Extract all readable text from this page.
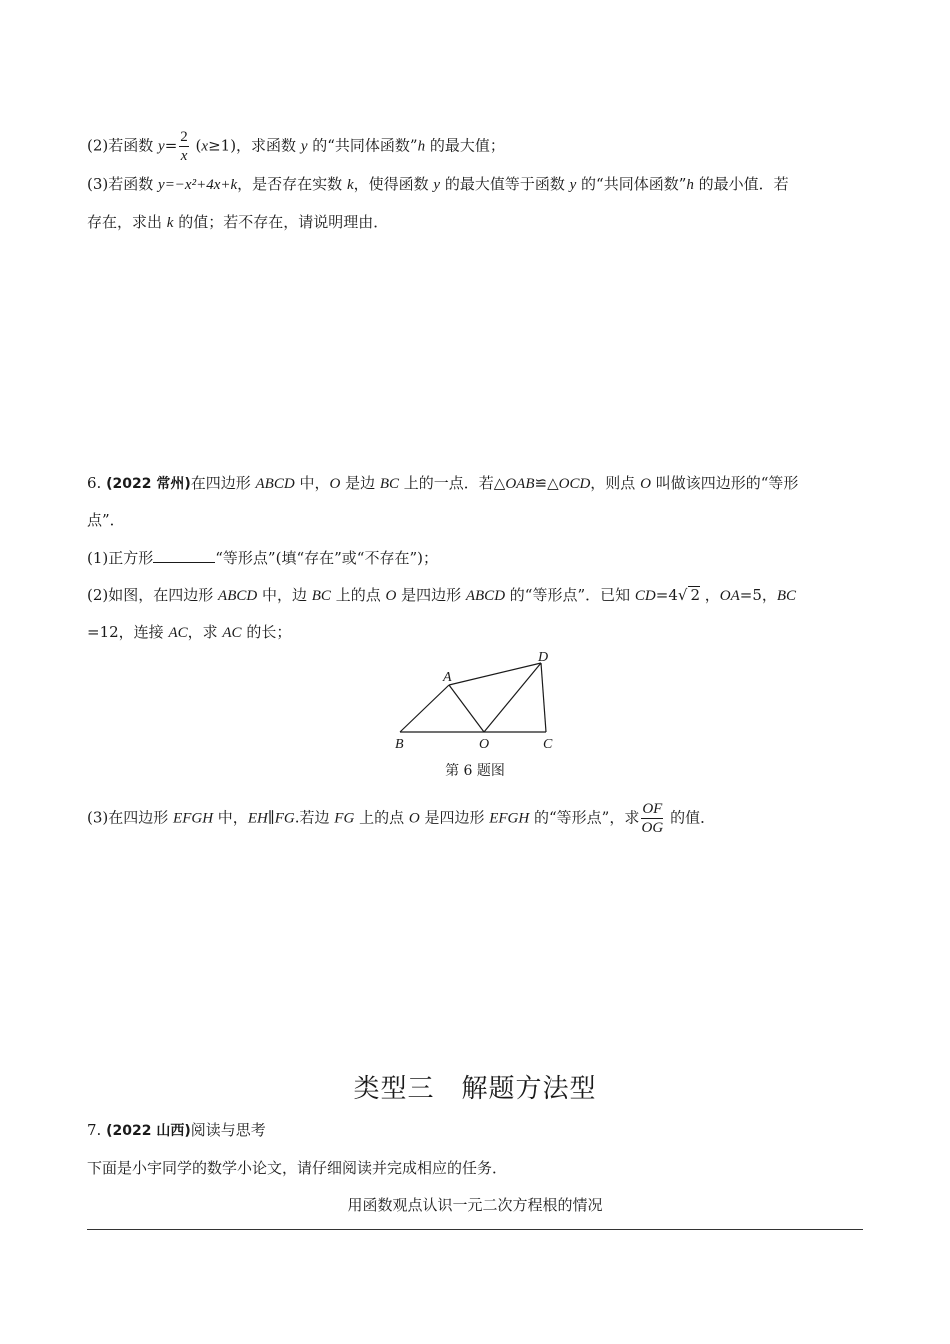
(2)若函数 $y= \frac{2}{x} (x\ge 1)$，求函数 y 的“共同体函数”h 的最大值；
(3)若函数 y=−x²+4x+k，是否存在实数 k，使得函数 y 的最大值等于函数 y 的“共同体函数”h 的最小值．若
存在，求出 k 的值；若不存在，请说明理由．
6. (2022 常州)在四边形 ABCD 中，O 是边 BC 上的一点．若△OAB≌△OCD，则点 O 叫做该四边形的“等形
点”．
(1)正方形	“等形点”(填“存在”或“不存在”)；
(2)如图，在四边形 ABCD 中，边 BC 上的点 O 是四边形 ABCD 的“等形点”．已知 CD=4√ 2 ，OA=5，BC
=12，连接 AC，求 AC 的长；
A
B	O	C
D
第 6 题图
(3)在四边形 EFGH 中，EH∥FG.若边 FG 上的点 O 是四边形 EFGH 的“等形点”，求 $\frac{OF}{OG}$ 的值．
类型三　解题方法型
7. (2022 山西)阅读与思考
下面是小宇同学的数学小论文，请仔细阅读并完成相应的任务．
用函数观点认识一元二次方程根的情况
